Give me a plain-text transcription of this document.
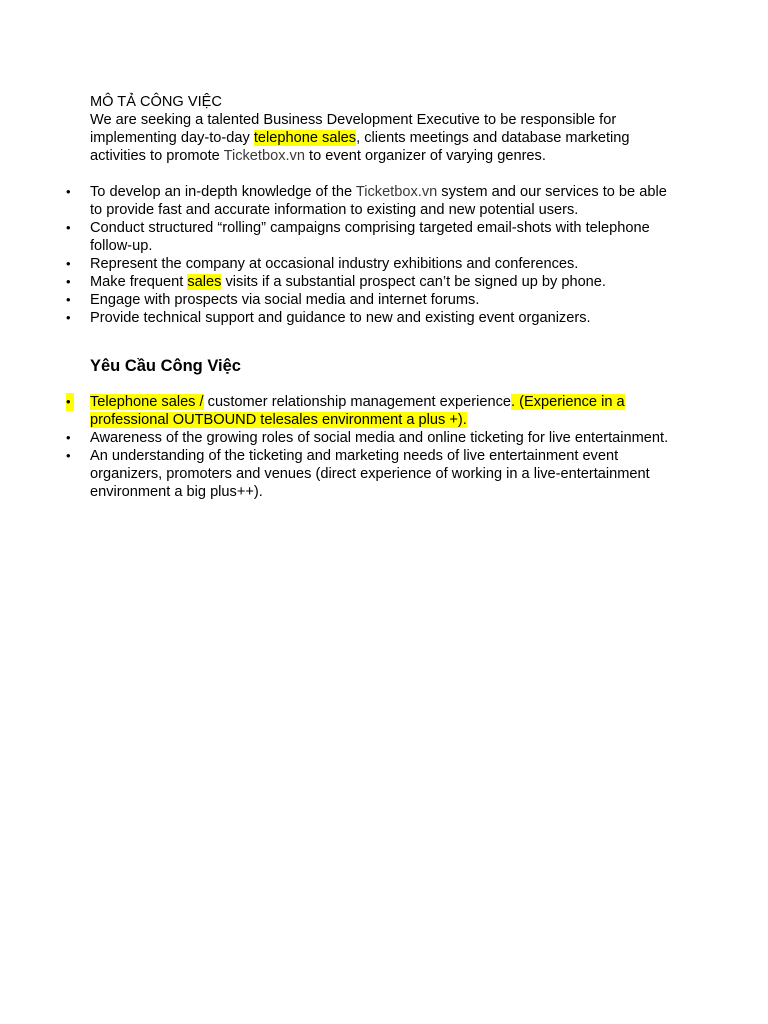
MÔ TẢ CÔNG VIỆC

We are seeking a talented Business Development Executive to be responsible for implementing day-to-day telephone sales, clients meetings and database marketing activities to promote Ticketbox.vn to event organizer of varying genres.

• To develop an in-depth knowledge of the Ticketbox.vn system and our services to be able to provide fast and accurate information to existing and new potential users.
• Conduct structured “rolling” campaigns comprising targeted email-shots with telephone follow-up.
• Represent the company at occasional industry exhibitions and conferences.
• Make frequent sales visits if a substantial prospect can’t be signed up by phone.
• Engage with prospects via social media and internet forums.
• Provide technical support and guidance to new and existing event organizers.

Yêu Cầu Công Việc

• Telephone sales / customer relationship management experience. (Experience in a professional OUTBOUND telesales environment a plus +).
• Awareness of the growing roles of social media and online ticketing for live entertainment.
• An understanding of the ticketing and marketing needs of live entertainment event organizers, promoters and venues (direct experience of working in a live-entertainment environment a big plus++).
